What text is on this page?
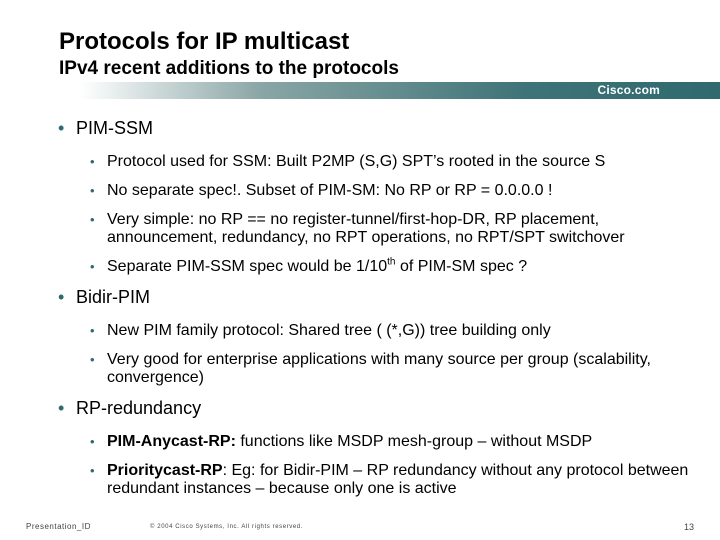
Protocols for IP multicast
IPv4 recent additions to the protocols
Cisco.com
• PIM-SSM
• Protocol used for SSM: Built P2MP (S,G) SPT’s rooted in the source S
• No separate spec!. Subset of PIM-SM: No RP or RP = 0.0.0.0 !
• Very simple: no RP == no register-tunnel/first-hop-DR, RP placement, announcement, redundancy, no RPT operations, no RPT/SPT switchover
• Separate PIM-SSM spec would be 1/10th of PIM-SM spec ?
• Bidir-PIM
• New PIM family protocol: Shared tree ( (*,G)) tree building only
• Very good for enterprise applications with many source per group (scalability, convergence)
• RP-redundancy
• PIM-Anycast-RP: functions like MSDP mesh-group – without MSDP
• Prioritycast-RP: Eg: for Bidir-PIM – RP redundancy without any protocol between redundant instances – because only one is active
Presentation_ID	© 2004 Cisco Systems, Inc. All rights reserved.	13
